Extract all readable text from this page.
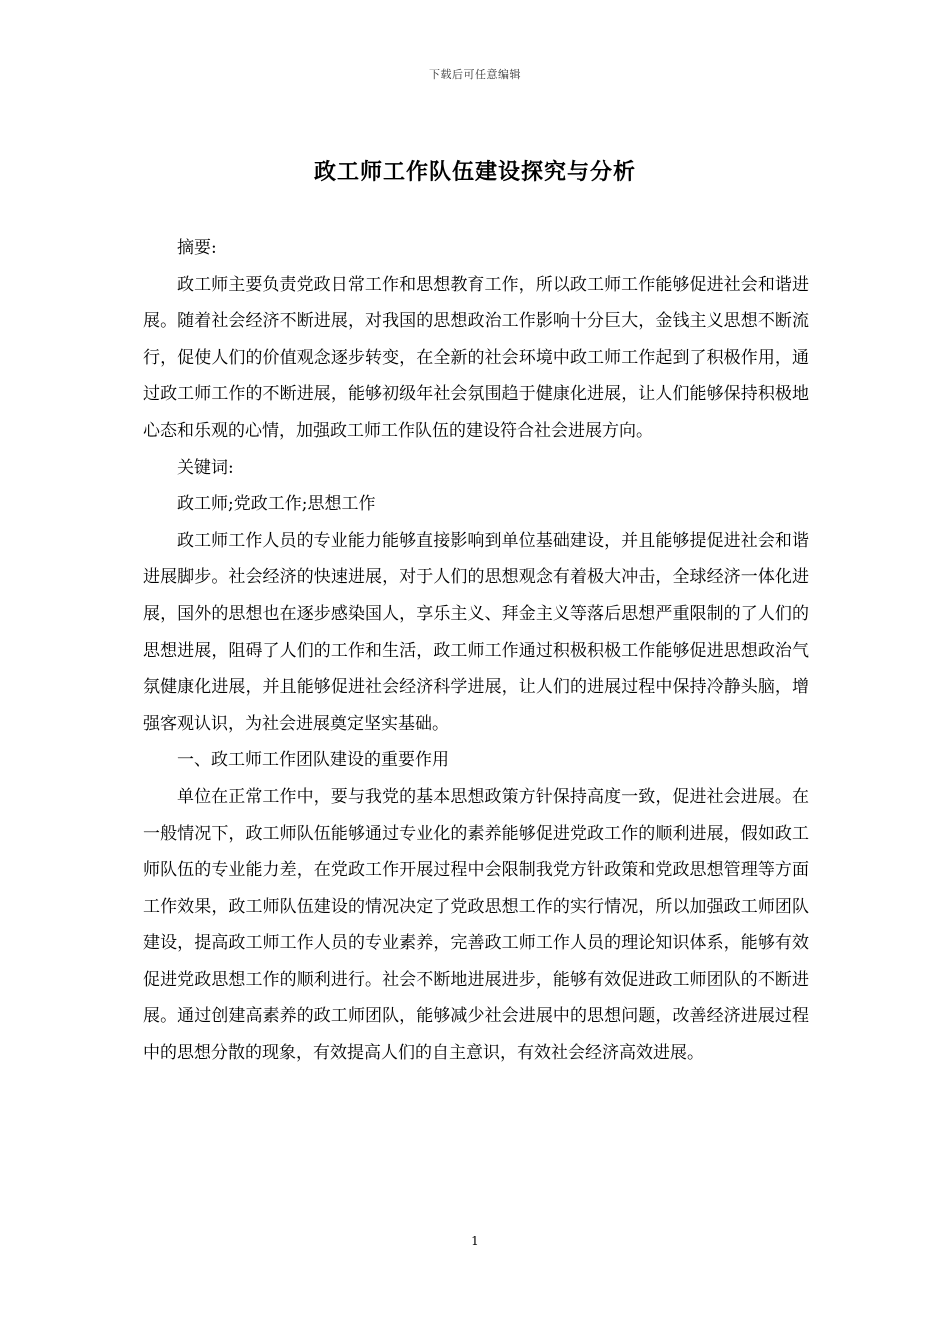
下载后可任意编辑
政工师工作队伍建设探究与分析

摘要:

政工师主要负责党政日常工作和思想教育工作，所以政工师工作能够促进社会和谐进展。随着社会经济不断进展，对我国的思想政治工作影响十分巨大，金钱主义思想不断流行，促使人们的价值观念逐步转变，在全新的社会环境中政工师工作起到了积极作用，通过政工师工作的不断进展，能够初级年社会氛围趋于健康化进展，让人们能够保持积极地心态和乐观的心情，加强政工师工作队伍的建设符合社会进展方向。

关键词:

政工师;党政工作;思想工作

政工师工作人员的专业能力能够直接影响到单位基础建设，并且能够提促进社会和谐进展脚步。社会经济的快速进展，对于人们的思想观念有着极大冲击，全球经济一体化进展，国外的思想也在逐步感染国人，享乐主义、拜金主义等落后思想严重限制的了人们的思想进展，阻碍了人们的工作和生活，政工师工作通过积极积极工作能够促进思想政治气氛健康化进展，并且能够促进社会经济科学进展，让人们的进展过程中保持冷静头脑，增强客观认识，为社会进展奠定坚实基础。

一、政工师工作团队建设的重要作用

单位在正常工作中，要与我党的基本思想政策方针保持高度一致，促进社会进展。在一般情况下，政工师队伍能够通过专业化的素养能够促进党政工作的顺利进展，假如政工师队伍的专业能力差，在党政工作开展过程中会限制我党方针政策和党政思想管理等方面工作效果，政工师队伍建设的情况决定了党政思想工作的实行情况，所以加强政工师团队建设，提高政工师工作人员的专业素养，完善政工师工作人员的理论知识体系，能够有效促进党政思想工作的顺利进行。社会不断地进展进步，能够有效促进政工师团队的不断进展。通过创建高素养的政工师团队，能够减少社会进展中的思想问题，改善经济进展过程中的思想分散的现象，有效提高人们的自主意识，有效社会经济高效进展。

1
